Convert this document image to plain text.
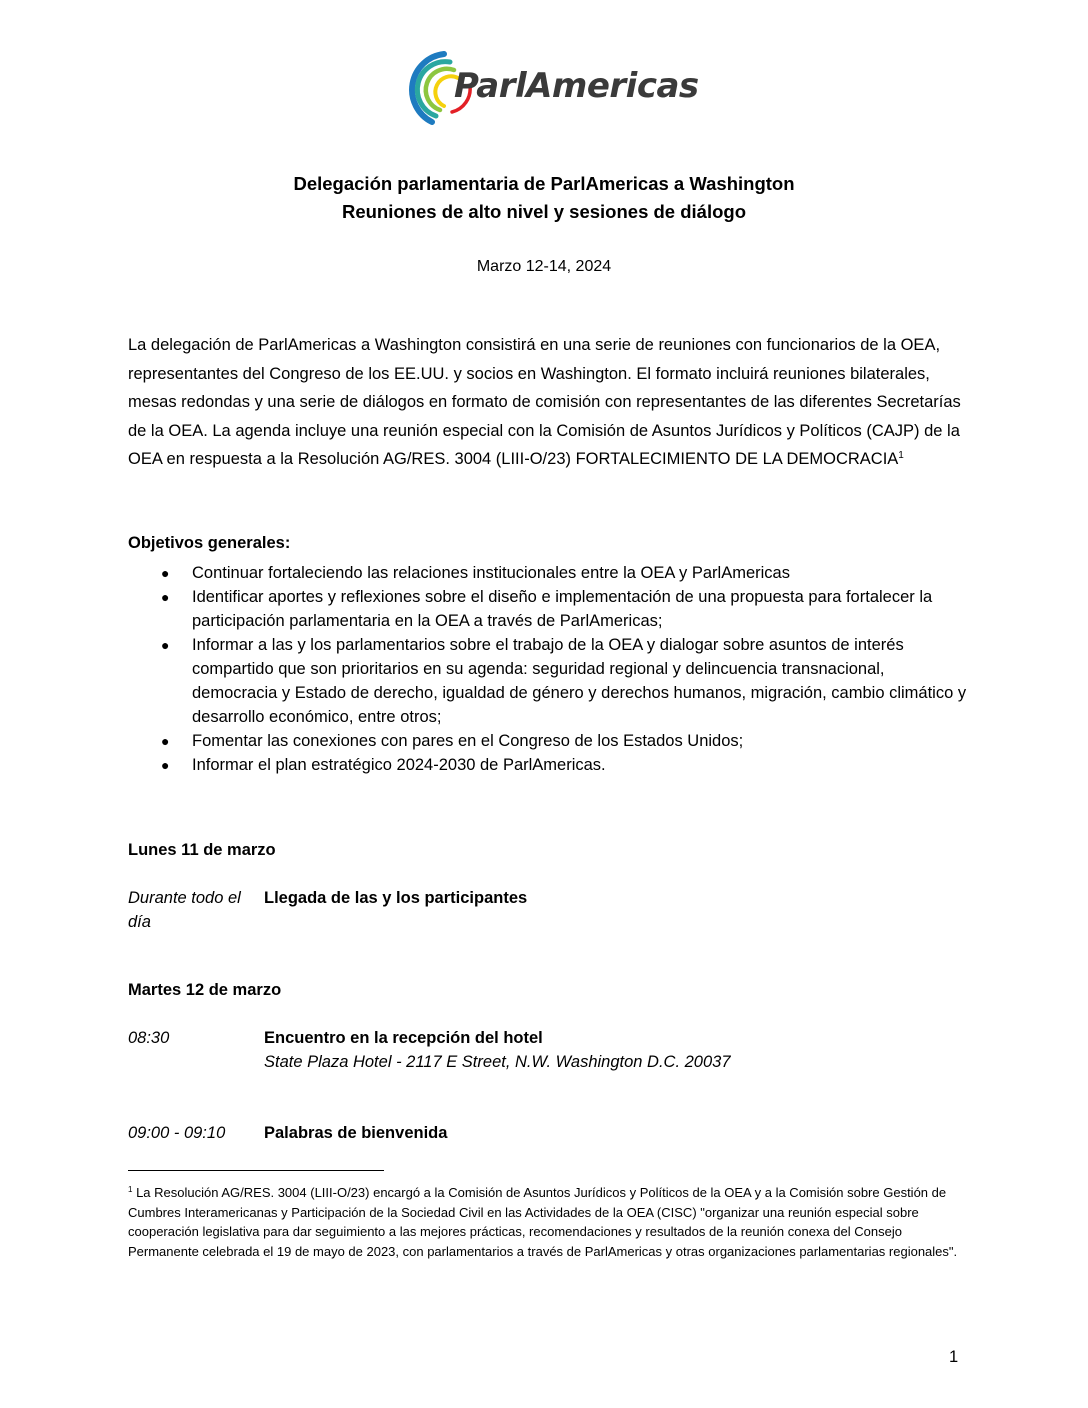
ParlAmericas
Delegación parlamentaria de ParlAmericas a Washington
Reuniones de alto nivel y sesiones de diálogo
Marzo 12-14, 2024
La delegación de ParlAmericas a Washington consistirá en una serie de reuniones con funcionarios de la OEA, representantes del Congreso de los EE.UU. y socios en Washington. El formato incluirá reuniones bilaterales, mesas redondas y una serie de diálogos en formato de comisión con representantes de las diferentes Secretarías de la OEA. La agenda incluye una reunión especial con la Comisión de Asuntos Jurídicos y Políticos (CAJP) de la OEA en respuesta a la Resolución AG/RES. 3004 (LIII-O/23) FORTALECIMIENTO DE LA DEMOCRACIA$^1$
Objetivos generales:
● Continuar fortaleciendo las relaciones institucionales entre la OEA y ParlAmericas
● Identificar aportes y reflexiones sobre el diseño e implementación de una propuesta para fortalecer la participación parlamentaria en la OEA a través de ParlAmericas;
● Informar a las y los parlamentarios sobre el trabajo de la OEA y dialogar sobre asuntos de interés compartido que son prioritarios en su agenda: seguridad regional y delincuencia transnacional, democracia y Estado de derecho, igualdad de género y derechos humanos, migración, cambio climático y desarrollo económico, entre otros;
● Fomentar las conexiones con pares en el Congreso de los Estados Unidos;
● Informar el plan estratégico 2024-2030 de ParlAmericas.
Lunes 11 de marzo
Durante todo el día
Llegada de las y los participantes
Martes 12 de marzo
08:30	Encuentro en la recepción del hotel
State Plaza Hotel - 2117 E Street, N.W. Washington D.C. 20037
09:00 - 09:10	Palabras de bienvenida
$^1$ La Resolución AG/RES. 3004 (LIII-O/23) encargó a la Comisión de Asuntos Jurídicos y Políticos de la OEA y a la Comisión sobre Gestión de Cumbres Interamericanas y Participación de la Sociedad Civil en las Actividades de la OEA (CISC) "organizar una reunión especial sobre cooperación legislativa para dar seguimiento a las mejores prácticas, recomendaciones y resultados de la reunión conexa del Consejo Permanente celebrada el 19 de mayo de 2023, con parlamentarios a través de ParlAmericas y otras organizaciones parlamentarias regionales".
1
